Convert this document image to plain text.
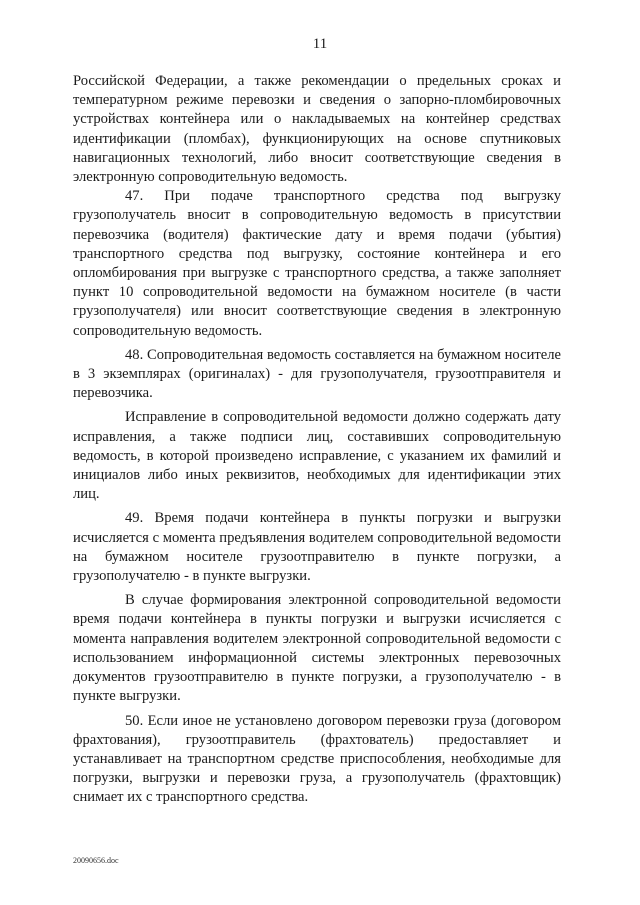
11

Российской Федерации, а также рекомендации о предельных сроках и температурном режиме перевозки и сведения о запорно-пломбировочных устройствах контейнера или о накладываемых на контейнер средствах идентификации (пломбах), функционирующих на основе спутниковых навигационных технологий, либо вносит соответствующие сведения в электронную сопроводительную ведомость.

47. При подаче транспортного средства под выгрузку грузополучатель вносит в сопроводительную ведомость в присутствии перевозчика (водителя) фактические дату и время подачи (убытия) транспортного средства под выгрузку, состояние контейнера и его опломбирования при выгрузке с транспортного средства, а также заполняет пункт 10 сопроводительной ведомости на бумажном носителе (в части грузополучателя) или вносит соответствующие сведения в электронную сопроводительную ведомость.

48. Сопроводительная ведомость составляется на бумажном носителе в 3 экземплярах (оригиналах) - для грузополучателя, грузоотправителя и перевозчика.

Исправление в сопроводительной ведомости должно содержать дату исправления, а также подписи лиц, составивших сопроводительную ведомость, в которой произведено исправление, с указанием их фамилий и инициалов либо иных реквизитов, необходимых для идентификации этих лиц.

49. Время подачи контейнера в пункты погрузки и выгрузки исчисляется с момента предъявления водителем сопроводительной ведомости на бумажном носителе грузоотправителю в пункте погрузки, а грузополучателю - в пункте выгрузки.

В случае формирования электронной сопроводительной ведомости время подачи контейнера в пункты погрузки и выгрузки исчисляется с момента направления водителем электронной сопроводительной ведомости с использованием информационной системы электронных перевозочных документов грузоотправителю в пункте погрузки, а грузополучателю - в пункте выгрузки.

50. Если иное не установлено договором перевозки груза (договором фрахтования), грузоотправитель (фрахтователь) предоставляет и устанавливает на транспортном средстве приспособления, необходимые для погрузки, выгрузки и перевозки груза, а грузополучатель (фрахтовщик) снимает их с транспортного средства.

20090656.doc
